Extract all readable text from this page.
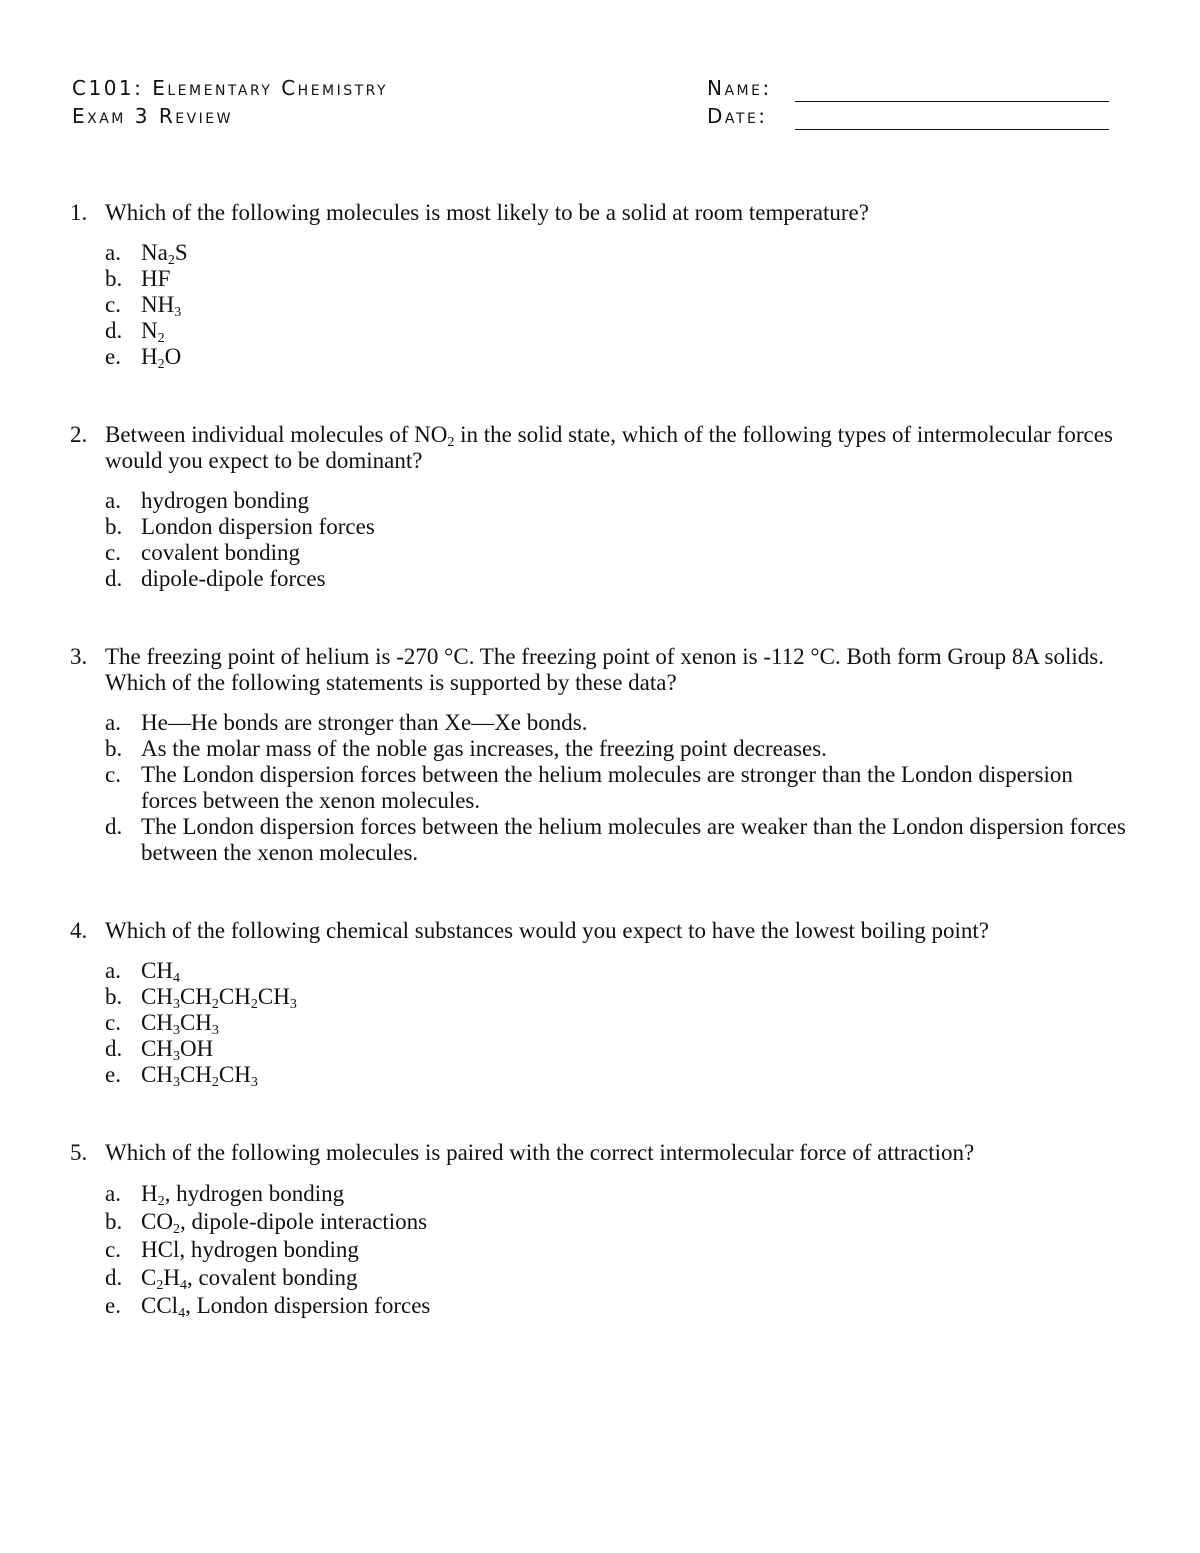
C101: Elementary Chemistry
Exam 3 Review
Name:
Date:
1. Which of the following molecules is most likely to be a solid at room temperature?
a. $Na_2S$
b. HF
c. $NH_3$
d. $N_2$
e. $H_2O$
2. Between individual molecules of $NO_2$ in the solid state, which of the following types of intermolecular forces would you expect to be dominant?
a. hydrogen bonding
b. London dispersion forces
c. covalent bonding
d. dipole-dipole forces
3. The freezing point of helium is -270 °C. The freezing point of xenon is -112 °C. Both form Group 8A solids. Which of the following statements is supported by these data?
a. He—He bonds are stronger than Xe—Xe bonds.
b. As the molar mass of the noble gas increases, the freezing point decreases.
c. The London dispersion forces between the helium molecules are stronger than the London dispersion forces between the xenon molecules.
d. The London dispersion forces between the helium molecules are weaker than the London dispersion forces between the xenon molecules.
4. Which of the following chemical substances would you expect to have the lowest boiling point?
a. $CH_4$
b. $CH_3CH_2CH_2CH_3$
c. $CH_3CH_3$
d. $CH_3OH$
e. $CH_3CH_2CH_3$
5. Which of the following molecules is paired with the correct intermolecular force of attraction?
a. $H_2$, hydrogen bonding
b. $CO_2$, dipole-dipole interactions
c. HCl, hydrogen bonding
d. $C_2H_4$, covalent bonding
e. CCl$_4$, London dispersion forces
